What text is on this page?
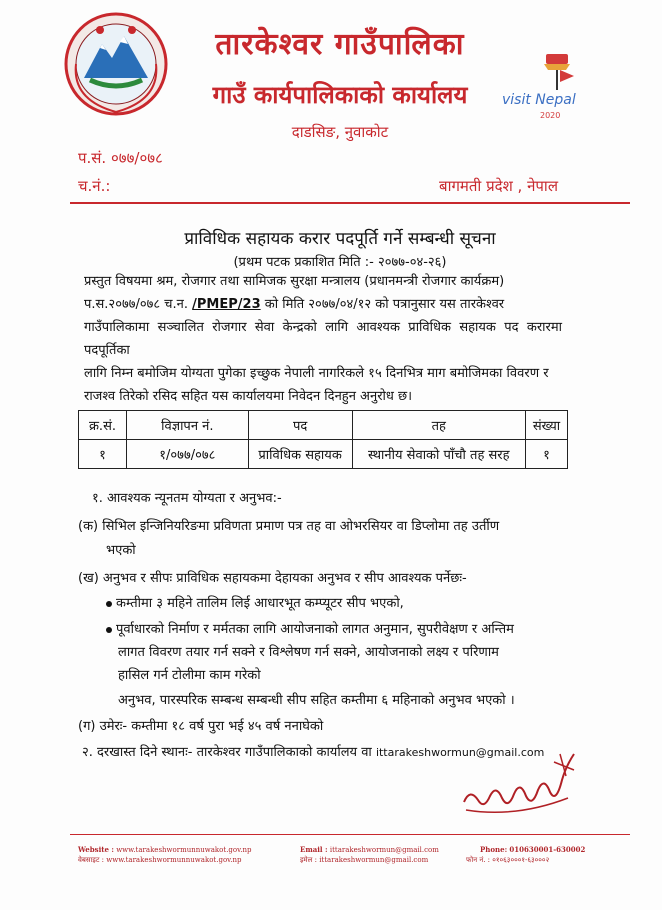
visit Nepal
2020
तारकेश्वर गाउँपालिका
गाउँ कार्यपालिकाको कार्यालय
दाडसिङ, नुवाकोट
प.सं. ०७७/०७८
च.नं.:	बागमती प्रदेश , नेपाल
प्राविधिक सहायक करार पदपूर्ति गर्ने सम्बन्धी सूचना
(प्रथम पटक प्रकाशित मिति :- २०७७-०४-२६)
प्रस्तुत विषयमा श्रम, रोजगार तथा सामिजक सुरक्षा मन्त्रालय (प्रधानमन्त्री रोजगार कार्यक्रम)
प.स.२०७७/०७८ च.न. /PMEP/23 को मिति २०७७/०४/१२ को पत्रानुसार यस तारकेश्वर
गाउँपालिकामा सञ्चालित रोजगार सेवा केन्द्रको लागि आवश्यक प्राविधिक सहायक पद करारमा पदपूर्तिका
लागि निम्न बमोजिम योग्यता पुगेका इच्छुक नेपाली नागरिकले १५ दिनभित्र माग बमोजिमका विवरण र
राजश्व तिरेको रसिद सहित यस कार्यालयमा निवेदन दिनहुन अनुरोध छ।
क्र.सं.	विज्ञापन नं.	पद	तह	संख्या
१	१/०७७/०७८	प्राविधिक सहायक	स्थानीय सेवाको पाँचौ तह सरह	१
१. आवश्यक न्यूनतम योग्यता र अनुभव:-
(क) सिभिल इन्जिनियरिङमा प्रविणता प्रमाण पत्र तह वा ओभरसियर वा डिप्लोमा तह उर्तीण
भएको
(ख) अनुभव र सीपः प्राविधिक सहायकमा देहायका अनुभव र सीप आवश्यक पर्नेछः-
कम्तीमा ३ महिने तालिम लिई आधारभूत कम्प्यूटर सीप भएको,
पूर्वाधारको निर्माण र मर्मतका लागि आयोजनाको लागत अनुमान, सुपरीवेक्षण र अन्तिम
लागत विवरण तयार गर्न सक्ने र विश्लेषण गर्न सक्ने, आयोजनाको लक्ष्य र परिणाम
हासिल गर्न टोलीमा काम गरेको
अनुभव, पारस्परिक सम्बन्ध सम्बन्धी सीप सहित कम्तीमा ६ महिनाको अनुभव भएको ।
(ग) उमेरः- कम्तीमा १८ वर्ष पुरा भई ४५ वर्ष ननाघेको
२. दरखास्त दिने स्थानः- तारकेश्वर गाउँपालिकाको कार्यालय वा ittarakeshwormun@gmail.com
Website : www.tarakeshwormunnuwakot.gov.np
वेबसाइट : www.tarakeshwormunnuwakot.gov.np
Email : ittarakeshwormun@gmail.com
इमेल : ittarakeshwormun@gmail.com
Phone: 010630001-630002
फोन नं. : ०१०६३०००१-६३०००२
